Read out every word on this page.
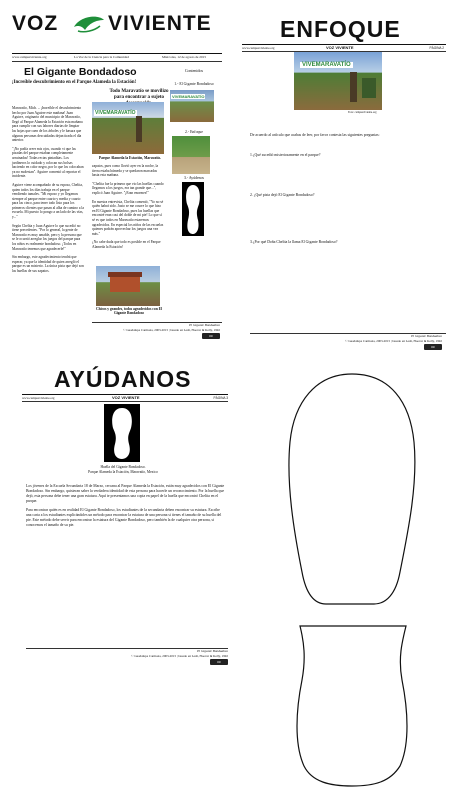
VOZ VIVIENTE
www.campusviviente.org	La Voz de la Ciencia para la Comunidad	Miércoles, 12 de agosto de 2015
El Gigante Bondadoso
¡Increíble descubrimiento en el Parque Alameda la Estación!
Todo Maravatío se movilizo para encontrar a sujeto
Contenidos
1.- El Gigante Bondadoso
VIVEMARAVATÍO
2.- Enfoque
3.- Ayúdenos

Maravatío, Mich. – ¡Increíble el descubrimiento hecho por Juan Aguirre este mañana! Juan Aguirre, originario del municipio de Maravatío, llegó al Parque Alameda la Estación esta mañana para cumplir con sus labores diarias de limpiar las hojas que caen de los árboles y le basura que algunas personas descuidadas dejan tirada el día anterior.

"¡No podía creer mis ojos, cuando vi que las pisadas del parque estaban completamente arruinadas! Todas rectas pintaditas. Los jardineros lo cuidado y colocan sus bolsas haciendo en color negro, por lo que los colocaban ya no molestan". Aguirre comentó al reportar el incidente.

Aguirre viene acompañado de su esposa, Chelita, quien todos los días trabaja en el parque vendiendo tamales. "Mi esposo y yo llegamos siempre al parque entre cuarto y media y cuarto para las cinco, para tener todo listo para los primeros clientes que pasan al alba de camino a la escuela. Mi puesto lo pongo a un lado de las vías, y..."

Según Chelita y Juan Aguirre lo que sucedió no tiene precedentes. "Por lo general, la gente de Maravatío es muy amable, pero y la persona que se le ocurrió arreglar los juegos del parque para los niños es realmente bondadoso. ¡Todos en Maravatío tenemos que agradecerle!"

Sin embargo, este agradecimiento tendrá que esperar, ya que la identidad de quien arregló el parque es un misterio. La única pista que dejó son las huellas de sus zapatos.

VIVEMARAVATÍO
Parque Alameda la Estación, Maravatío.

zapatos, pues como llovió ayer en la noche, la tierra estaba húmeda y se quedaron marcadas hasta esta mañana.

"Chelita fue la primera que vio las huellas cuando llegamos a los juegos, era tan grande que...", explicó Juan Aguirre. "¡Eran enormes!"

En nuestra entrevista, Chelita comentó, "Yo no sé quién habrá sido. Justo se me ocurre lo que hizo en El Gigante Bondadoso, pues las huellas que encontré eran casi del doble de mi pie! Lo que sí sé es que todos en Maravatío estaremos agradecidos. En especial los niños de las escuelas quienes podrán aprovechar los juegos una vez más."

¿No cabe duda que todo es posible en el Parque Alameda la Estación!

Chicos y grandes, todos agradecidos con El Gigante Bondadoso
El Gigante Bondadoso
© Guadalupe Carmona, 2003-2015 | basado en Lesh, Hoover & Kelly, 1992
cc
ENFOQUE
www.campusviviente.org	VOZ VIVIENTE	PÁGINA 2
VIVEMARAVATÍO
Foto: campusviviente.org
De acuerdo al artículo que acabas de leer, por favor contesta las siguientes preguntas:
1.¿Qué sucedió misteriosamente en el parque?
2. ¿Qué pista dejó El Gigante Bondadoso?
3.¿Por qué Doña Chelita la llama El Gigante Bondadoso?
El Gigante Bondadoso
© Guadalupe Carmona, 2003-2015 | basado en Lesh, Hoover & Kelly, 1992
cc
AYÚDANOS
www.campusviviente.org	VOZ VIVIENTE	PÁGINA 3
Huella del Gigante Bondadoso.
Parque Alameda la Estación, Maravatío, Mexico
Los jóvenes de la Escuela Secundaria 18 de Marzo, cercana al Parque Alameda la Estación, están muy agradecidos con El Gigante Bondadoso. Sin embargo, quisieran saber la verdadera identidad de esta persona para hacerle un reconocimiento. Por la huella que dejó, esta persona debe tener una gran estatura. Aquí te presentamos una copia en papel de la huella que encontró Chelita en el parque.
Para encontrar quién es en realidad El Gigante Bondadoso, los estudiantes de la secundaria deben encontrar su estatura. Escribe una carta a los estudiantes explicándoles un método para encontrar la estatura de una persona si tienes el tamaño de su huella del pie. Este método debe servir para encontrar la estatura del Gigante Bondadoso, pero también la de cualquier otra persona, si conocemos el tamaño de su pie.
El Gigante Bondadoso
© Guadalupe Carmona, 2003-2015 | basado en Lesh, Hoover & Kelly, 1992
cc
